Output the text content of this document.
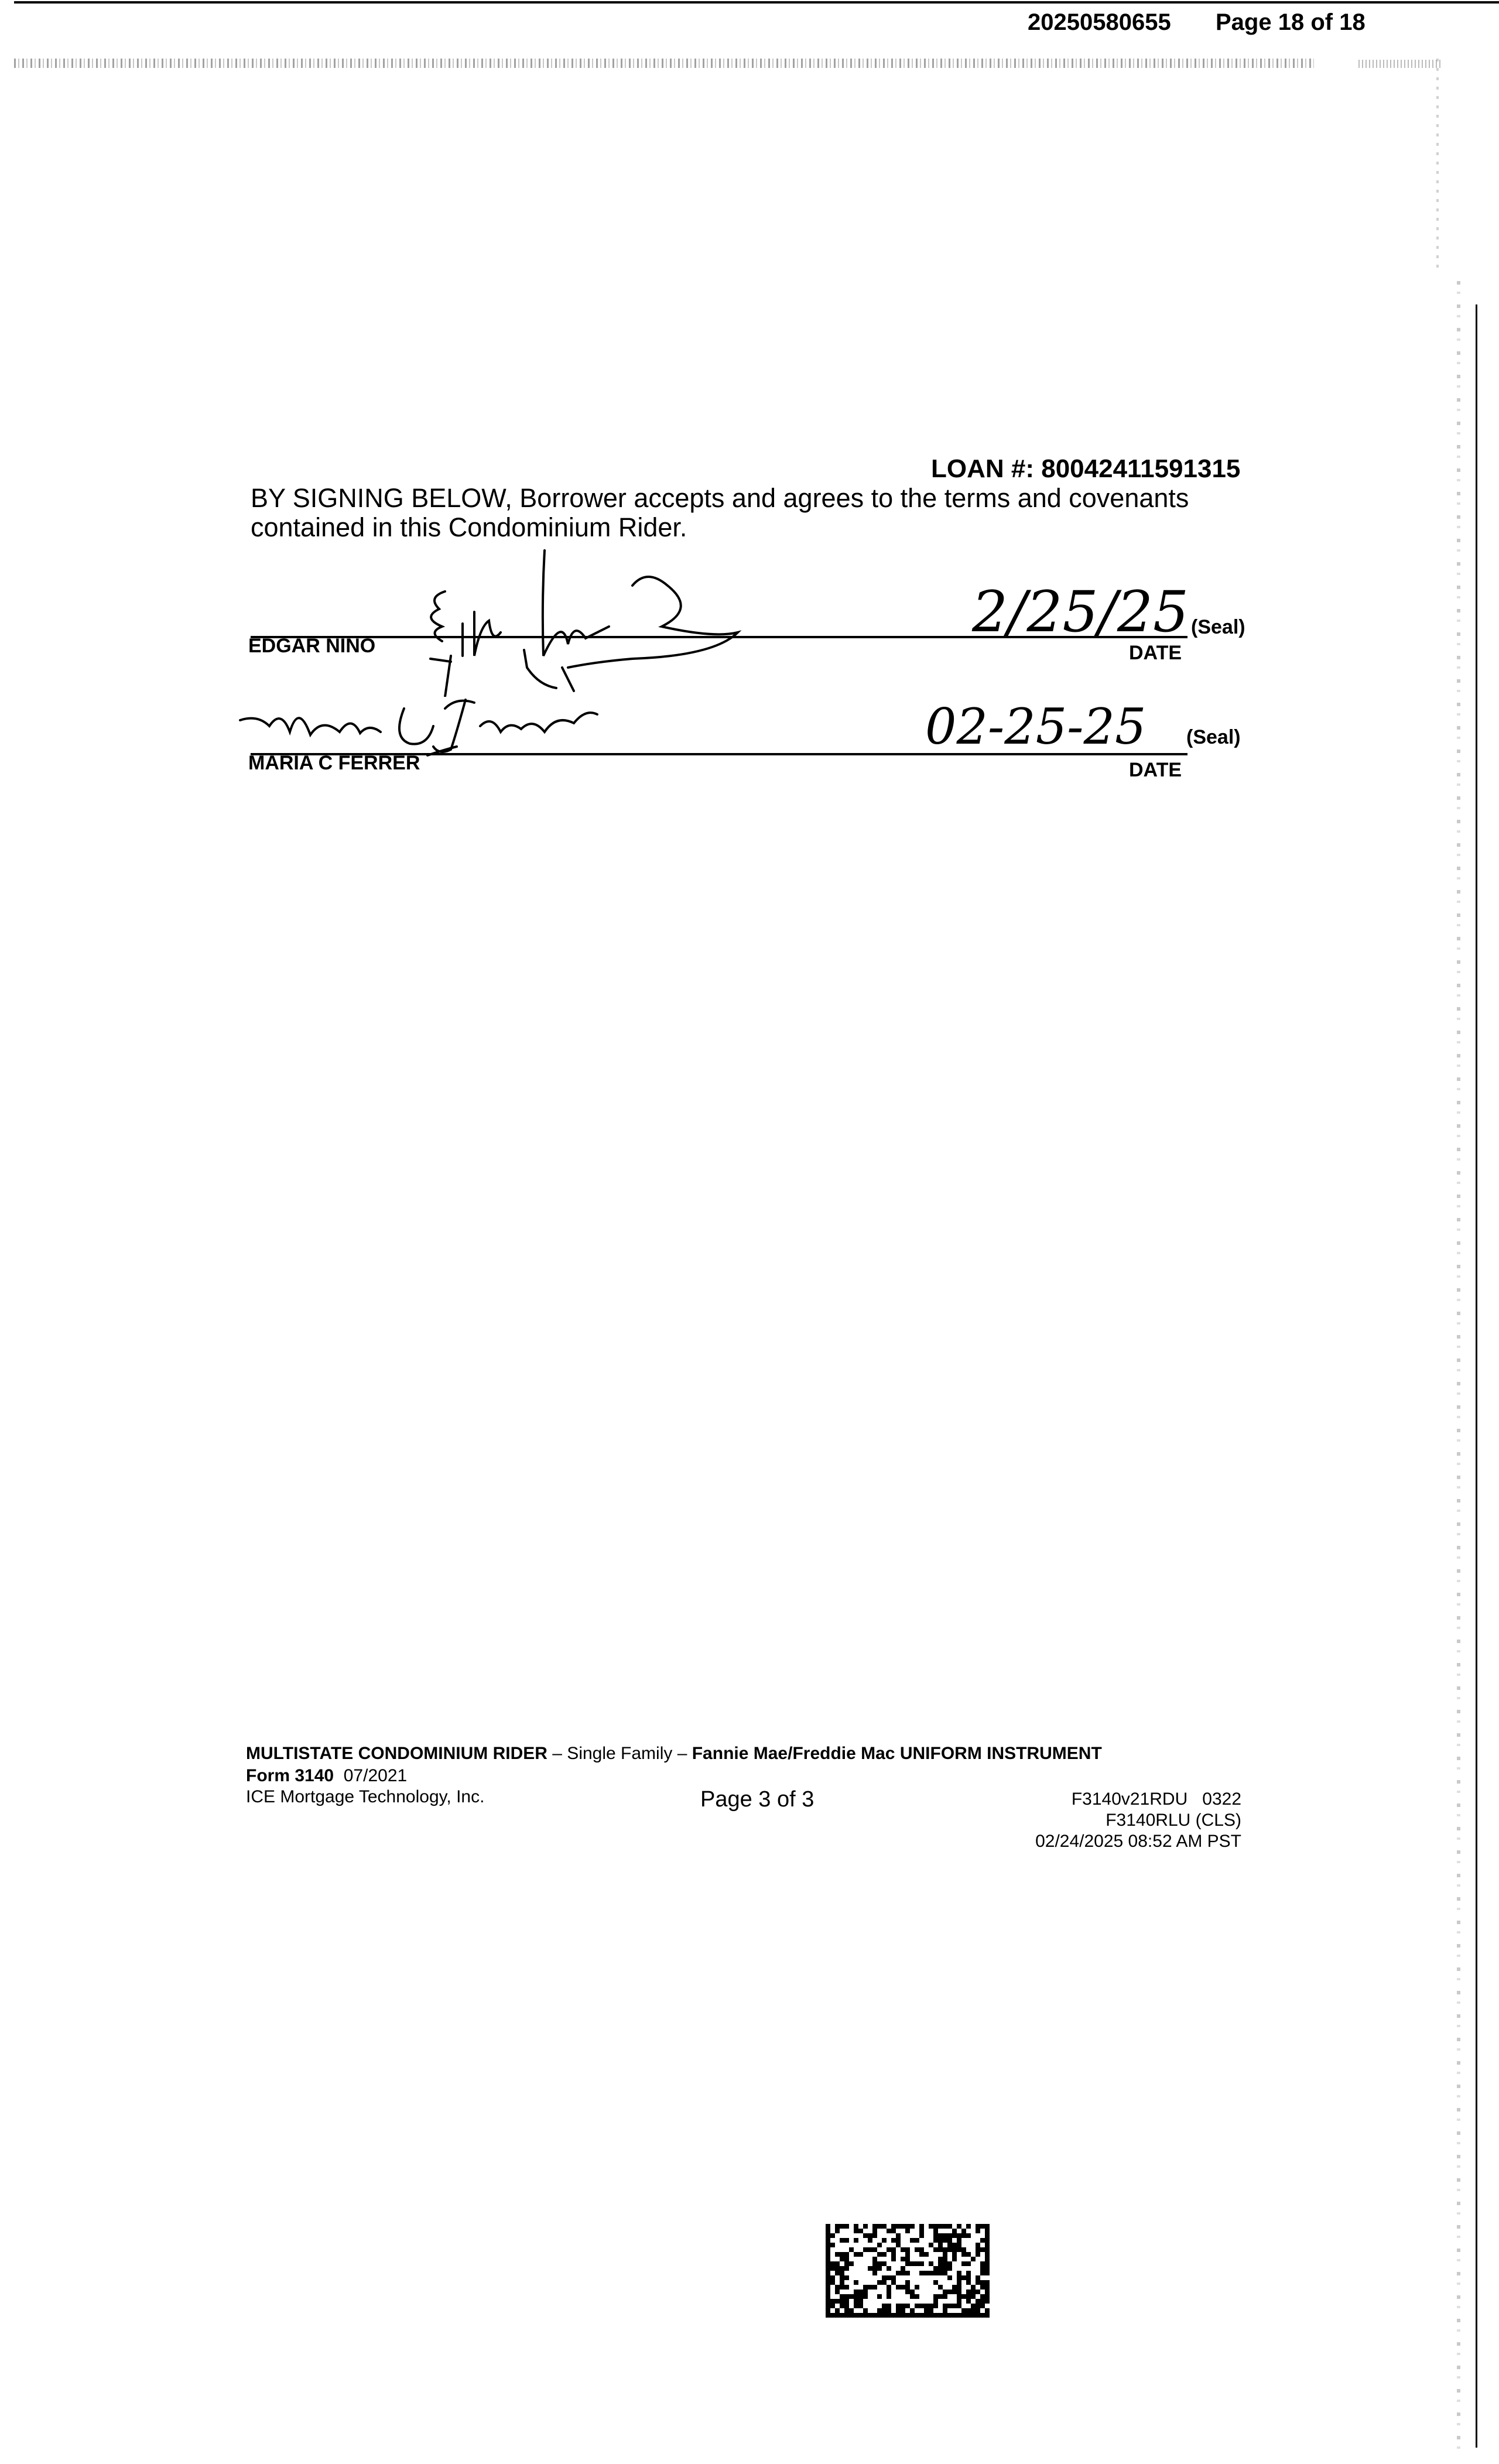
20250580655 Page 18 of 18
LOAN #: 80042411591315
BY SIGNING BELOW, Borrower accepts and agrees to the terms and covenants contained in this Condominium Rider.
EDGAR NINO
2/25/25 (Seal)
DATE
MARIA C FERRER
02-25-25 (Seal)
DATE
MULTISTATE CONDOMINIUM RIDER – Single Family – Fannie Mae/Freddie Mac UNIFORM INSTRUMENT
Form 3140 07/2021
ICE Mortgage Technology, Inc.	Page 3 of 3	F3140v21RDU   0322
F3140RLU (CLS)
02/24/2025 08:52 AM PST
